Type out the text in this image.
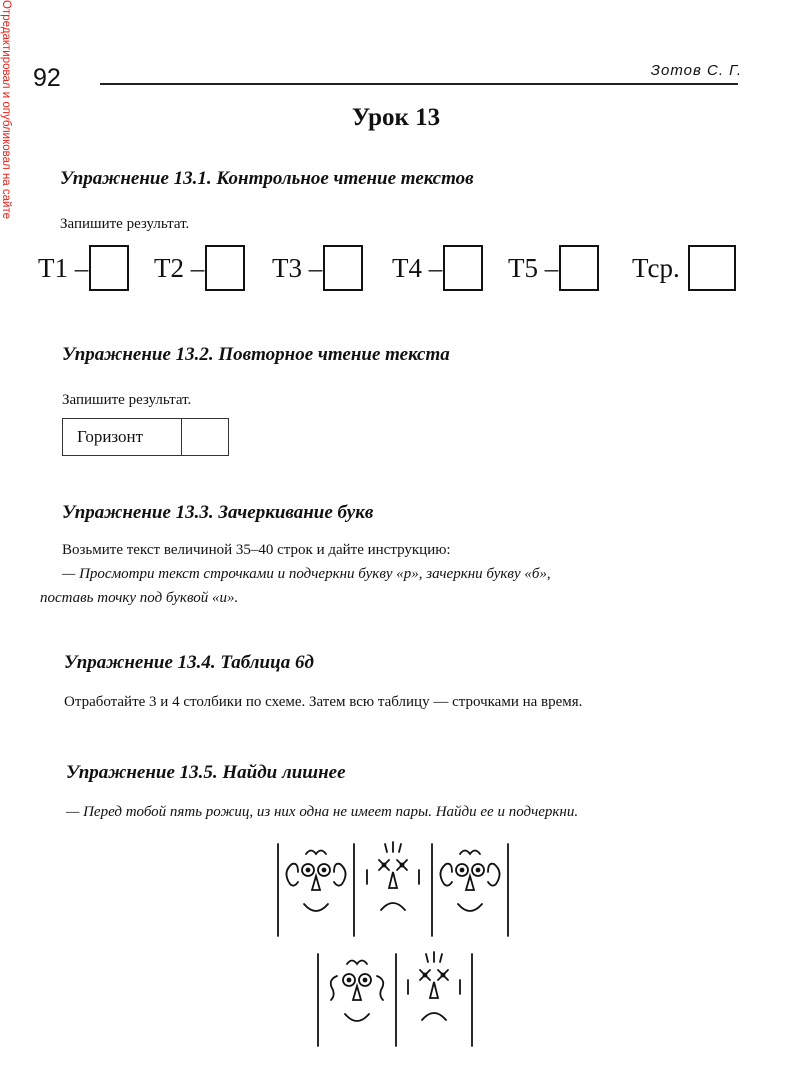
Отредактировал и опубликовал на сайте 92	Зотов С. Г.
Урок 13
Упражнение 13.1. Контрольное чтение текстов
Запишите результат.
Т1 – Т2 –	Т3 –	Т4 – Т5 –	Тср.
Упражнение 13.2. Повторное чтение текста
Запишите результат.
Горизонт
Упражнение 13.3. Зачеркивание букв
Возьмите текст величиной 35–40 строк и дайте инструкцию:
— Просмотри текст строчками и подчеркни букву «р», зачеркни букву «б»,
поставь точку под буквой «и».
Упражнение 13.4. Таблица 6д
Отработайте 3 и 4 столбики по схеме. Затем всю таблицу — строчками на время.
Упражнение 13.5. Найди лишнее
— Перед тобой пять рожиц, из них одна не имеет пары. Найди ее и подчеркни.
